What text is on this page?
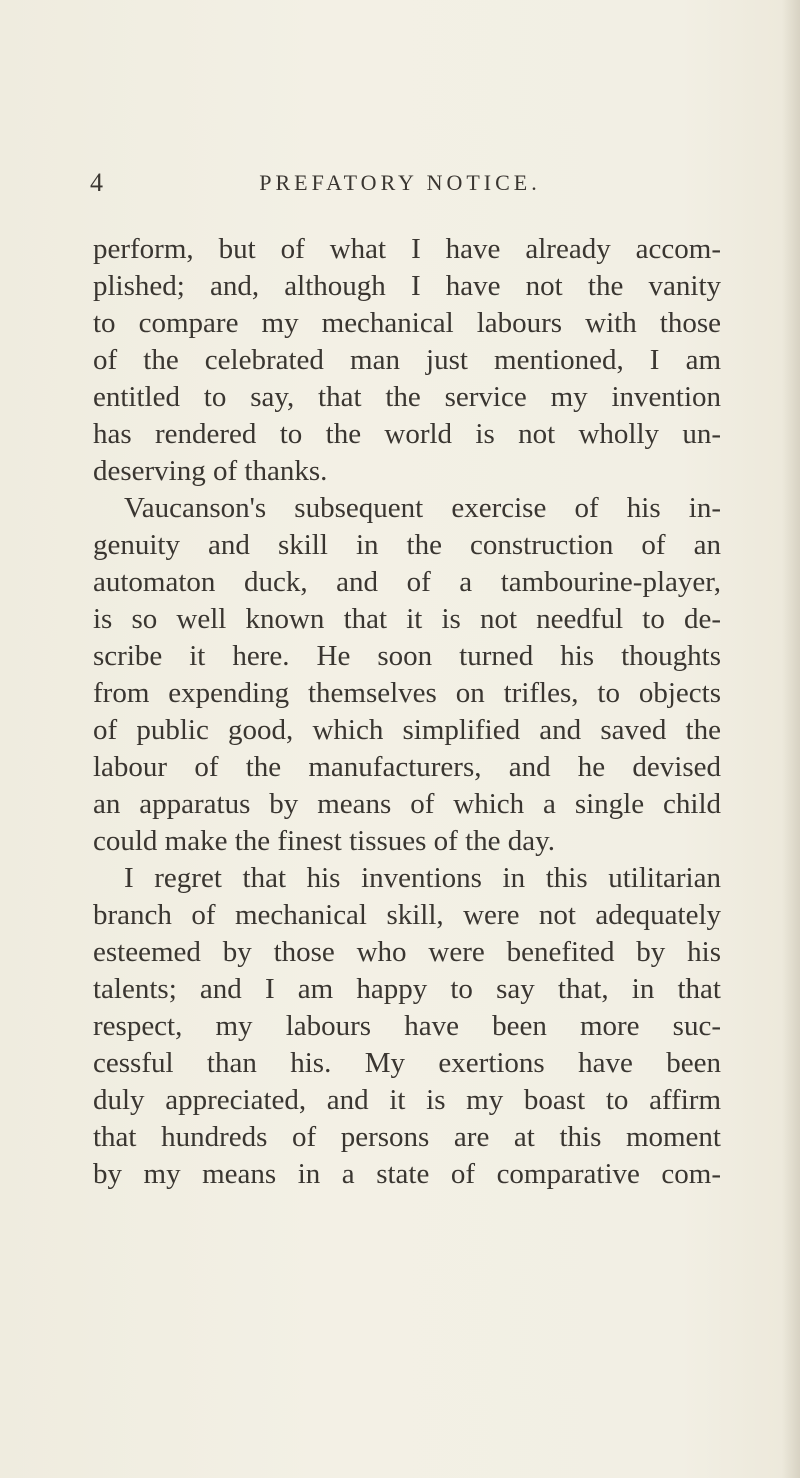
4	PREFATORY NOTICE.
perform, but of what I have already accom-
plished; and, although I have not the vanity
to compare my mechanical labours with those
of the celebrated man just mentioned, I am
entitled to say, that the service my invention
has rendered to the world is not wholly un-
deserving of thanks.
Vaucanson's subsequent exercise of his in-
genuity and skill in the construction of an
automaton duck, and of a tambourine-player,
is so well known that it is not needful to de-
scribe it here. He soon turned his thoughts
from expending themselves on trifles, to objects
of public good, which simplified and saved the
labour of the manufacturers, and he devised
an apparatus by means of which a single child
could make the finest tissues of the day.
I regret that his inventions in this utilitarian
branch of mechanical skill, were not adequately
esteemed by those who were benefited by his
talents; and I am happy to say that, in that
respect, my labours have been more suc-
cessful than his. My exertions have been
duly appreciated, and it is my boast to affirm
that hundreds of persons are at this moment
by my means in a state of comparative com-
